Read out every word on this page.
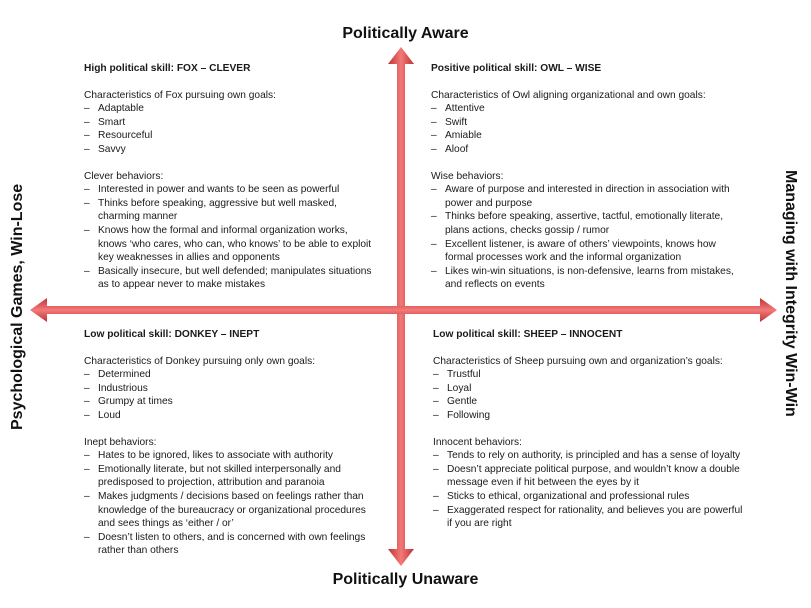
Politically Aware
Politically Unaware
Psychological Games, Win-Lose	Managing with Integrity Win-Win
High political skill: FOX – CLEVER
Characteristics of Fox pursuing own goals:
– Adaptable
– Smart
– Resourceful
– Savvy
Clever behaviors:
– Interested in power and wants to be seen as powerful
– Thinks before speaking, aggressive but well masked, charming manner
– Knows how the formal and informal organization works, knows ‘who cares, who can, who knows’ to be able to exploit key weaknesses in allies and opponents
– Basically insecure, but well defended; manipulates situations as to appear never to make mistakes
Positive political skill: OWL – WISE
Characteristics of Owl aligning organizational and own goals:
– Attentive
– Swift
– Amiable
– Aloof
Wise behaviors:
– Aware of purpose and interested in direction in association with power and purpose
– Thinks before speaking, assertive, tactful, emotionally literate, plans actions, checks gossip / rumor
– Excellent listener, is aware of others’ viewpoints, knows how formal processes work and the informal organization
– Likes win-win situations, is non-defensive, learns from mistakes, and reflects on events
Low political skill: DONKEY – INEPT
Characteristics of Donkey pursuing only own goals:
– Determined
– Industrious
– Grumpy at times
– Loud
Inept behaviors:
– Hates to be ignored, likes to associate with authority
– Emotionally literate, but not skilled interpersonally and predisposed to projection, attribution and paranoia
– Makes judgments / decisions based on feelings rather than knowledge of the bureaucracy or organizational procedures and sees things as ‘either / or’
– Doesn’t listen to others, and is concerned with own feelings rather than others
Low political skill: SHEEP – INNOCENT
Characteristics of Sheep pursuing own and organization’s goals:
– Trustful
– Loyal
– Gentle
– Following
Innocent behaviors:
– Tends to rely on authority, is principled and has a sense of loyalty
– Doesn’t appreciate political purpose, and wouldn’t know a double message even if hit between the eyes by it
– Sticks to ethical, organizational and professional rules
– Exaggerated respect for rationality, and believes you are powerful if you are right
